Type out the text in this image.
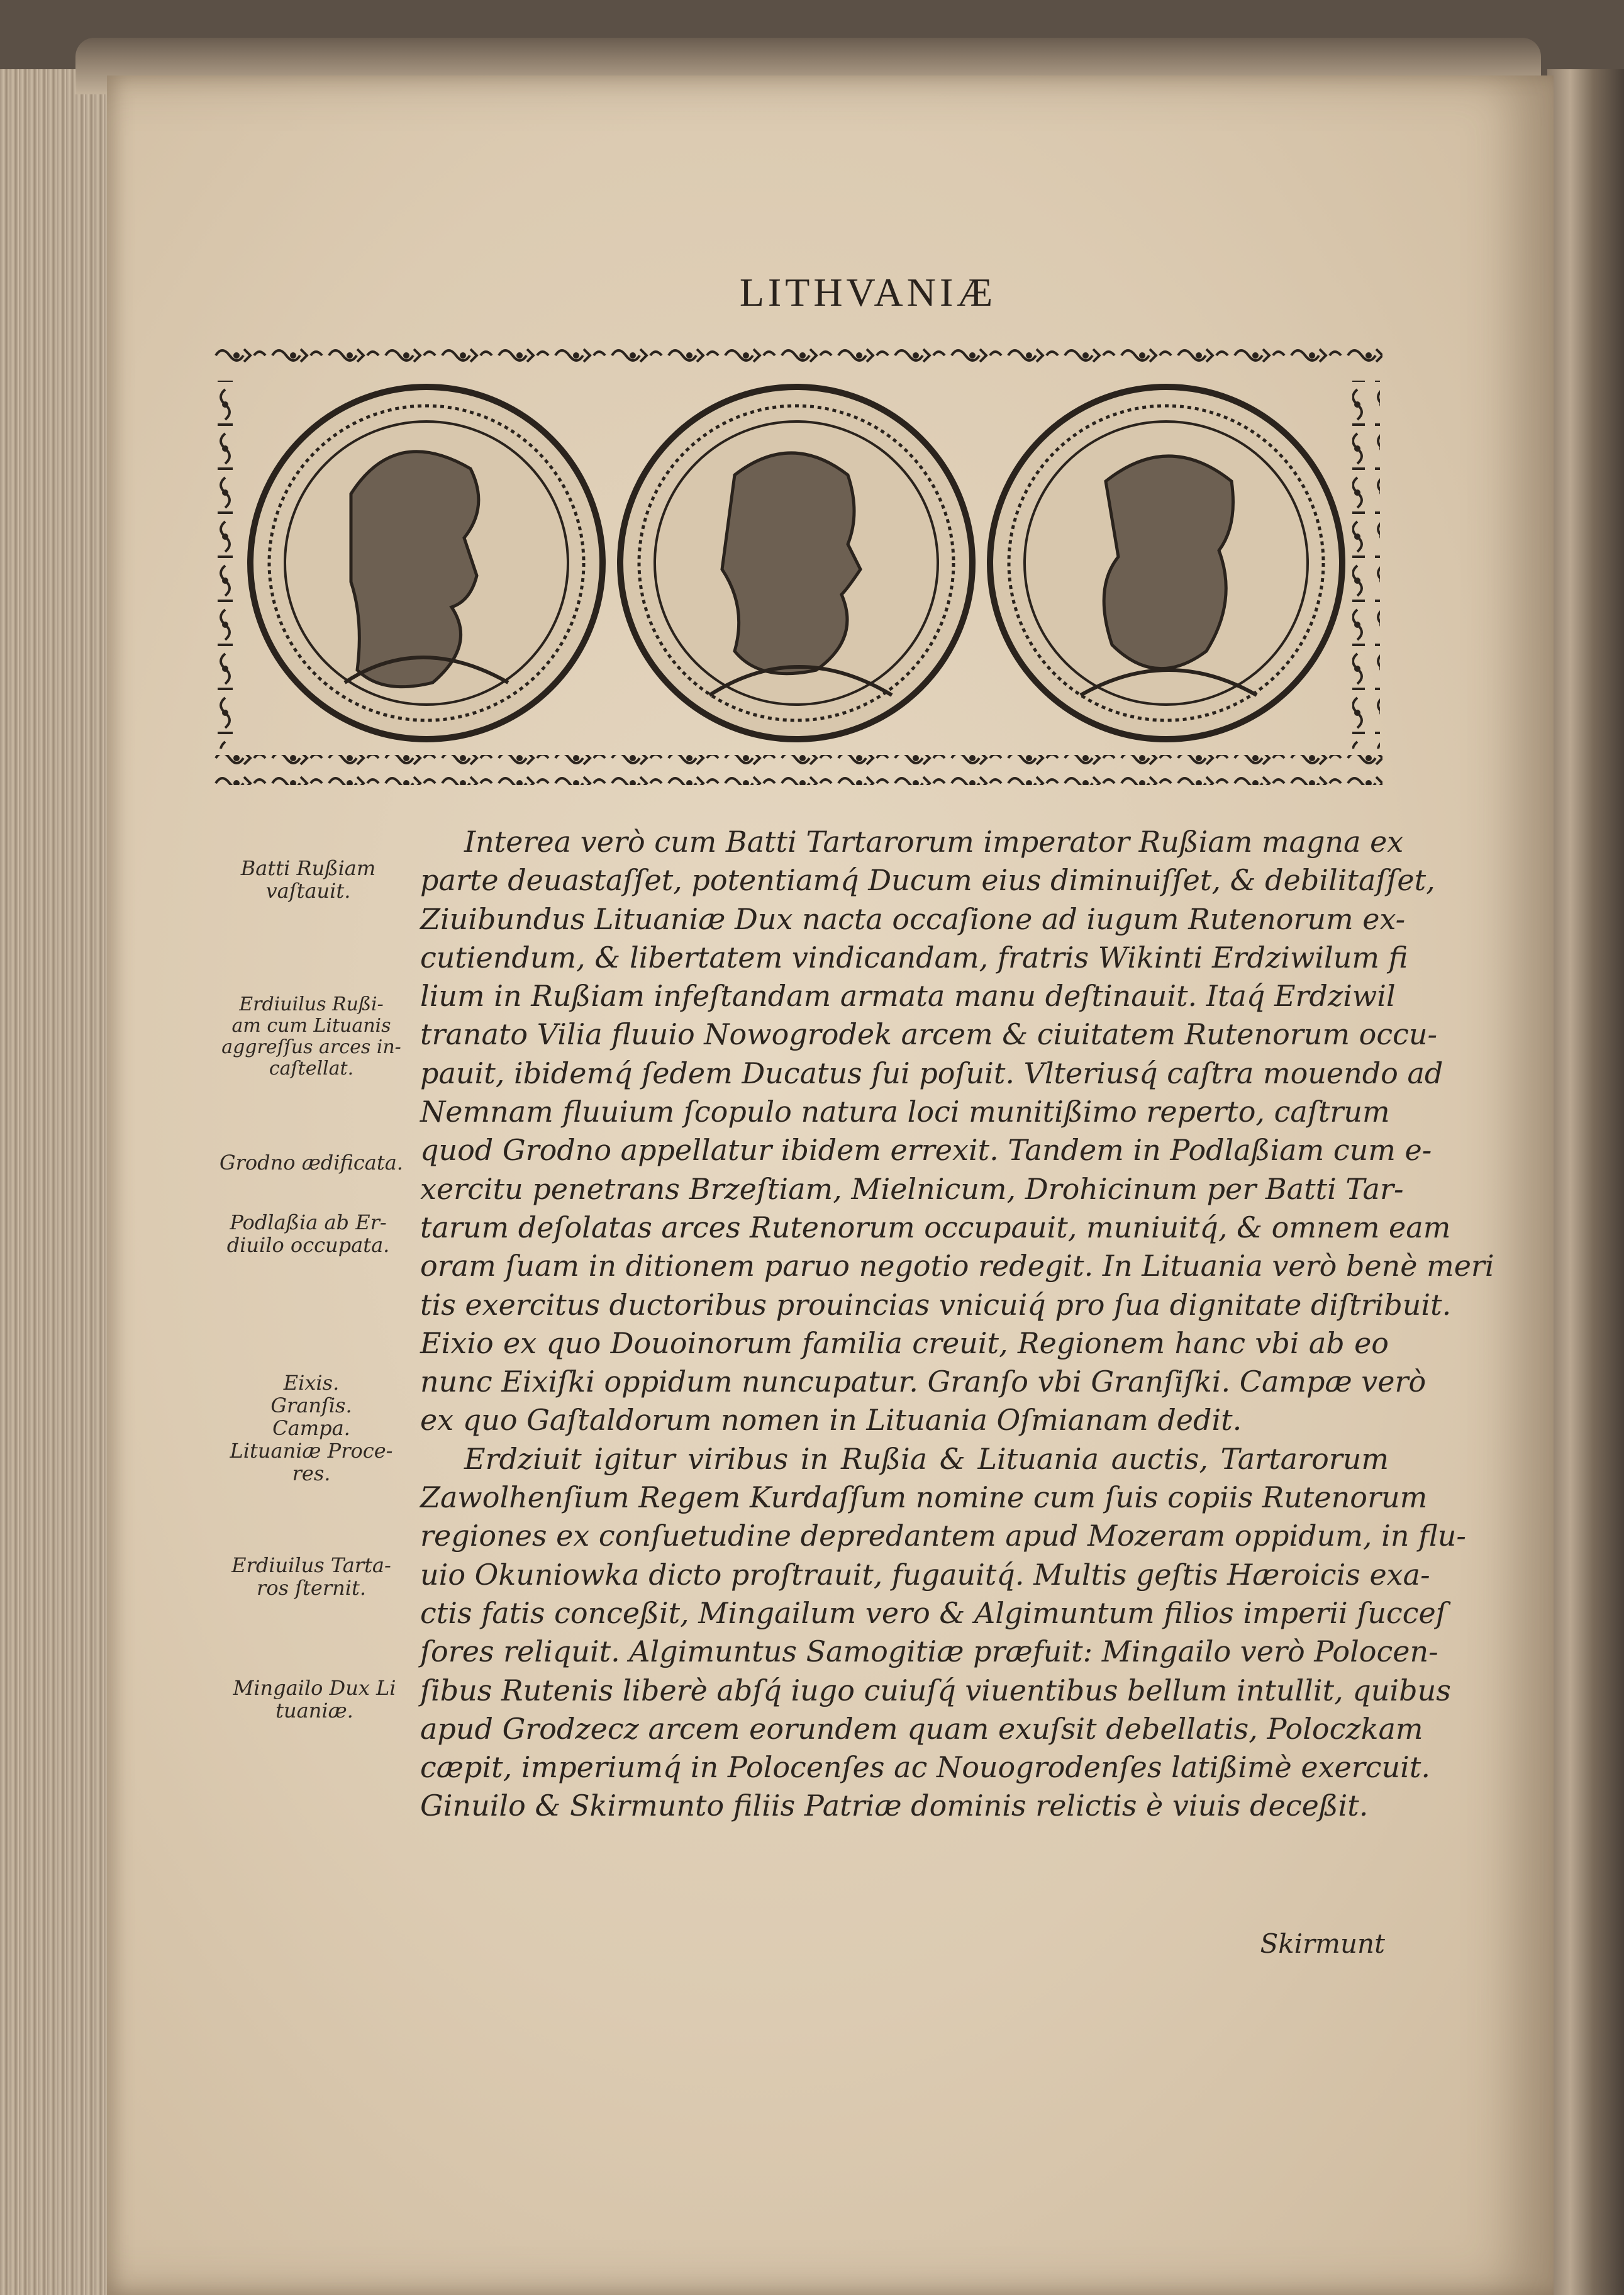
LITHVANIÆ
Interea verò cum Batti Tartarorum imperator Rußiam magna ex
parte deuastaſſet, potentiamq́ Ducum eius diminuiſſet, & debilitaſſet,
Ziuibundus Lituaniæ Dux nacta occaſione ad iugum Rutenorum ex-
cutiendum, & libertatem vindicandam, fratris Wikinti Erdziwilum fi
lium in Rußiam infeſtandam armata manu deſtinauit. Itaq́ Erdziwil
tranato Vilia fluuio Nowogrodek arcem & ciuitatem Rutenorum occu-
pauit, ibidemq́ ſedem Ducatus ſui poſuit. Vlteriusq́ caſtra mouendo ad
Nemnam fluuium ſcopulo natura loci munitißimo reperto, caſtrum
quod Grodno appellatur ibidem errexit. Tandem in Podlaßiam cum e-
xercitu penetrans Brzeſtiam, Mielnicum, Drohicinum per Batti Tar-
tarum deſolatas arces Rutenorum occupauit, muniuitq́, & omnem eam
oram ſuam in ditionem paruo negotio redegit. In Lituania verò benè meri
tis exercitus ductoribus prouincias vnicuiq́ pro ſua dignitate diſtribuit.
Eixio ex quo Douoinorum familia creuit, Regionem hanc vbi ab eo
nunc Eixiſki oppidum nuncupatur. Granſo vbi Granſiſki. Campæ verò
ex quo Gaſtaldorum nomen in Lituania Oſmianam dedit.
Erdziuit igitur viribus in Rußia & Lituania auctis, Tartarorum
Zawolhenſium Regem Kurdaſſum nomine cum ſuis copiis Rutenorum
regiones ex conſuetudine depredantem apud Mozeram oppidum, in flu-
uio Okuniowka dicto proſtrauit, fugauitq́. Multis geſtis Hæroicis exa-
ctis fatis conceßit, Mingailum vero & Algimuntum filios imperii ſucceſ
ſores reliquit. Algimuntus Samogitiæ præfuit: Mingailo verò Polocen-
ſibus Rutenis liberè abſq́ iugo cuiuſq́ viuentibus bellum intullit, quibus
apud Grodzecz arcem eorundem quam exuſsit debellatis, Poloczkam
cæpit, imperiumq́ in Polocenſes ac Nouogrodenſes latißimè exercuit.
Ginuilo & Skirmunto filiis Patriæ dominis relictis è viuis deceßit.
Batti Rußiam
vaſtauit.
Erdiuilus Rußi-
am cum Lituanis
aggreſſus arces in-
caſtellat.
Grodno ædificata.
Podlaßia ab Er-
diuilo occupata.
Eixis.
Granſis.
Campa.
Lituaniæ Proce-
res.
Erdiuilus Tarta-
ros ſternit.
Mingailo Dux Li
tuaniæ.
Skirmunt
